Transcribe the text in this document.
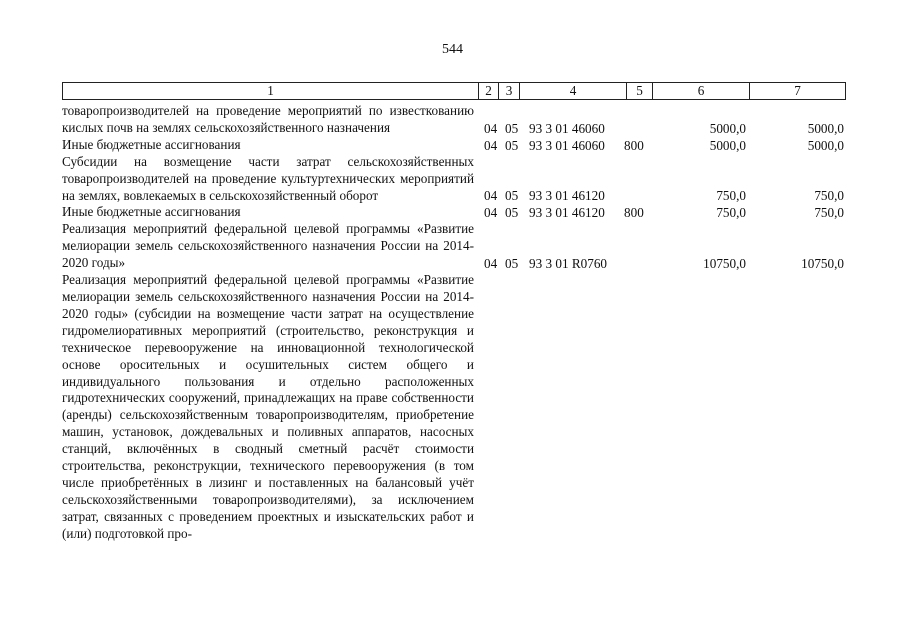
544
1	2	3	4	5	6	7
товаропроизводителей на проведение мероприятий по известкованию кислых почв на землях сельскохозяйственного назначения	04 05 93 3 01 46060	5000,0	5000,0
Иные бюджетные ассигнования	04 05 93 3 01 46060 800	5000,0	5000,0
Субсидии на возмещение части затрат сельскохозяйственных товаропроизводителей на проведение культуртехнических мероприятий на землях, вовлекаемых в сельскохозяйственный оборот	04 05 93 3 01 46120	750,0	750,0
Иные бюджетные ассигнования	04 05 93 3 01 46120 800	750,0	750,0
Реализация мероприятий федеральной целевой программы «Развитие мелиорации земель сельскохозяйственного назначения России на 2014-2020 годы»	04 05 93 3 01 R0760	10750,0	10750,0
Реализация мероприятий федеральной целевой программы «Развитие мелиорации земель сельскохозяйственного назначения России на 2014-2020 годы» (субсидии на возмещение части затрат на осуществление гидромелиоративных мероприятий (строительство, реконструкция и техническое перевооружение на инновационной технологической основе оросительных и осушительных систем общего и индивидуального пользования и отдельно расположенных гидротехнических сооружений, принадлежащих на праве собственности (аренды) сельскохозяйственным товаропроизводителям, приобретение машин, установок, дождевальных и поливных аппаратов, насосных станций, включённых в сводный сметный расчёт стоимости строительства, реконструкции, технического перевооружения (в том числе приобретённых в лизинг и поставленных на балансовый учёт сельскохозяйственными товаропроизводителями), за исключением затрат, связанных с проведением проектных и изыскательских работ и (или) подготовкой про-
